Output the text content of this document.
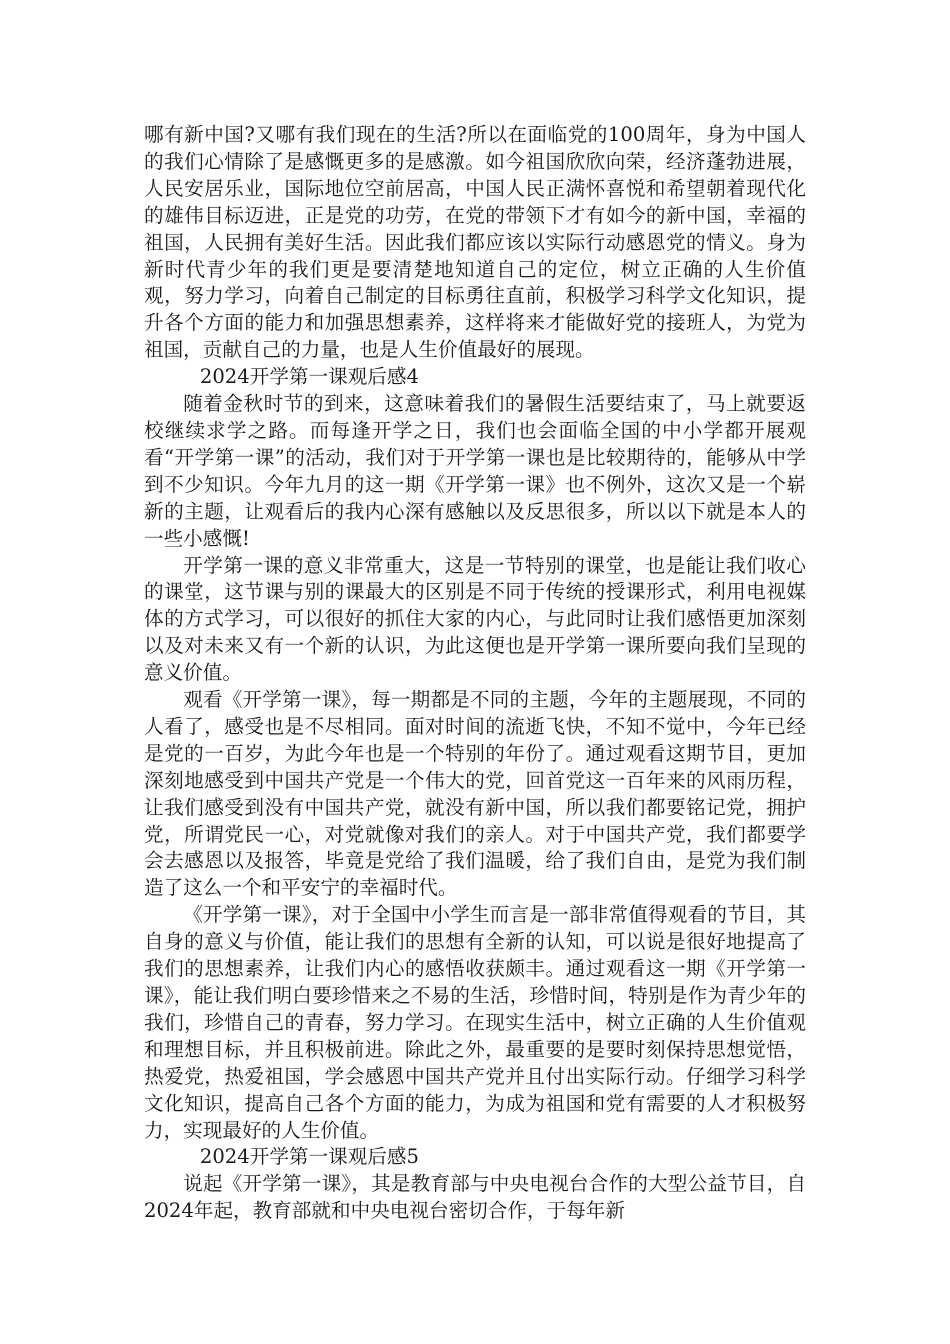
哪有新中国?又哪有我们现在的生活?所以在面临党的100周年，身为中国人的我们心情除了是感慨更多的是感激。如今祖国欣欣向荣，经济蓬勃进展，人民安居乐业，国际地位空前居高，中国人民正满怀喜悦和希望朝着现代化的雄伟目标迈进，正是党的功劳，在党的带领下才有如今的新中国，幸福的祖国，人民拥有美好生活。因此我们都应该以实际行动感恩党的情义。身为新时代青少年的我们更是要清楚地知道自己的定位，树立正确的人生价值观，努力学习，向着自己制定的目标勇往直前，积极学习科学文化知识，提升各个方面的能力和加强思想素养，这样将来才能做好党的接班人，为党为祖国，贡献自己的力量，也是人生价值最好的展现。

2024开学第一课观后感4

随着金秋时节的到来，这意味着我们的暑假生活要结束了，马上就要返校继续求学之路。而每逢开学之日，我们也会面临全国的中小学都开展观看“开学第一课”的活动，我们对于开学第一课也是比较期待的，能够从中学到不少知识。今年九月的这一期《开学第一课》也不例外，这次又是一个崭新的主题，让观看后的我内心深有感触以及反思很多，所以以下就是本人的一些小感慨!

开学第一课的意义非常重大，这是一节特别的课堂，也是能让我们收心的课堂，这节课与别的课最大的区别是不同于传统的授课形式，利用电视媒体的方式学习，可以很好的抓住大家的内心，与此同时让我们感悟更加深刻以及对未来又有一个新的认识，为此这便也是开学第一课所要向我们呈现的意义价值。

观看《开学第一课》，每一期都是不同的主题，今年的主题展现，不同的人看了，感受也是不尽相同。面对时间的流逝飞快，不知不觉中，今年已经是党的一百岁，为此今年也是一个特别的年份了。通过观看这期节目，更加深刻地感受到中国共产党是一个伟大的党，回首党这一百年来的风雨历程，让我们感受到没有中国共产党，就没有新中国，所以我们都要铭记党，拥护党，所谓党民一心，对党就像对我们的亲人。对于中国共产党，我们都要学会去感恩以及报答，毕竟是党给了我们温暖，给了我们自由，是党为我们制造了这么一个和平安宁的幸福时代。

《开学第一课》，对于全国中小学生而言是一部非常值得观看的节目，其自身的意义与价值，能让我们的思想有全新的认知，可以说是很好地提高了我们的思想素养，让我们内心的感悟收获颇丰。通过观看这一期《开学第一课》，能让我们明白要珍惜来之不易的生活，珍惜时间，特别是作为青少年的我们，珍惜自己的青春，努力学习。在现实生活中，树立正确的人生价值观和理想目标，并且积极前进。除此之外，最重要的是要时刻保持思想觉悟，热爱党，热爱祖国，学会感恩中国共产党并且付出实际行动。仔细学习科学文化知识，提高自己各个方面的能力，为成为祖国和党有需要的人才积极努力，实现最好的人生价值。

2024开学第一课观后感5

说起《开学第一课》，其是教育部与中央电视台合作的大型公益节目，自2024年起，教育部就和中央电视台密切合作，于每年新
